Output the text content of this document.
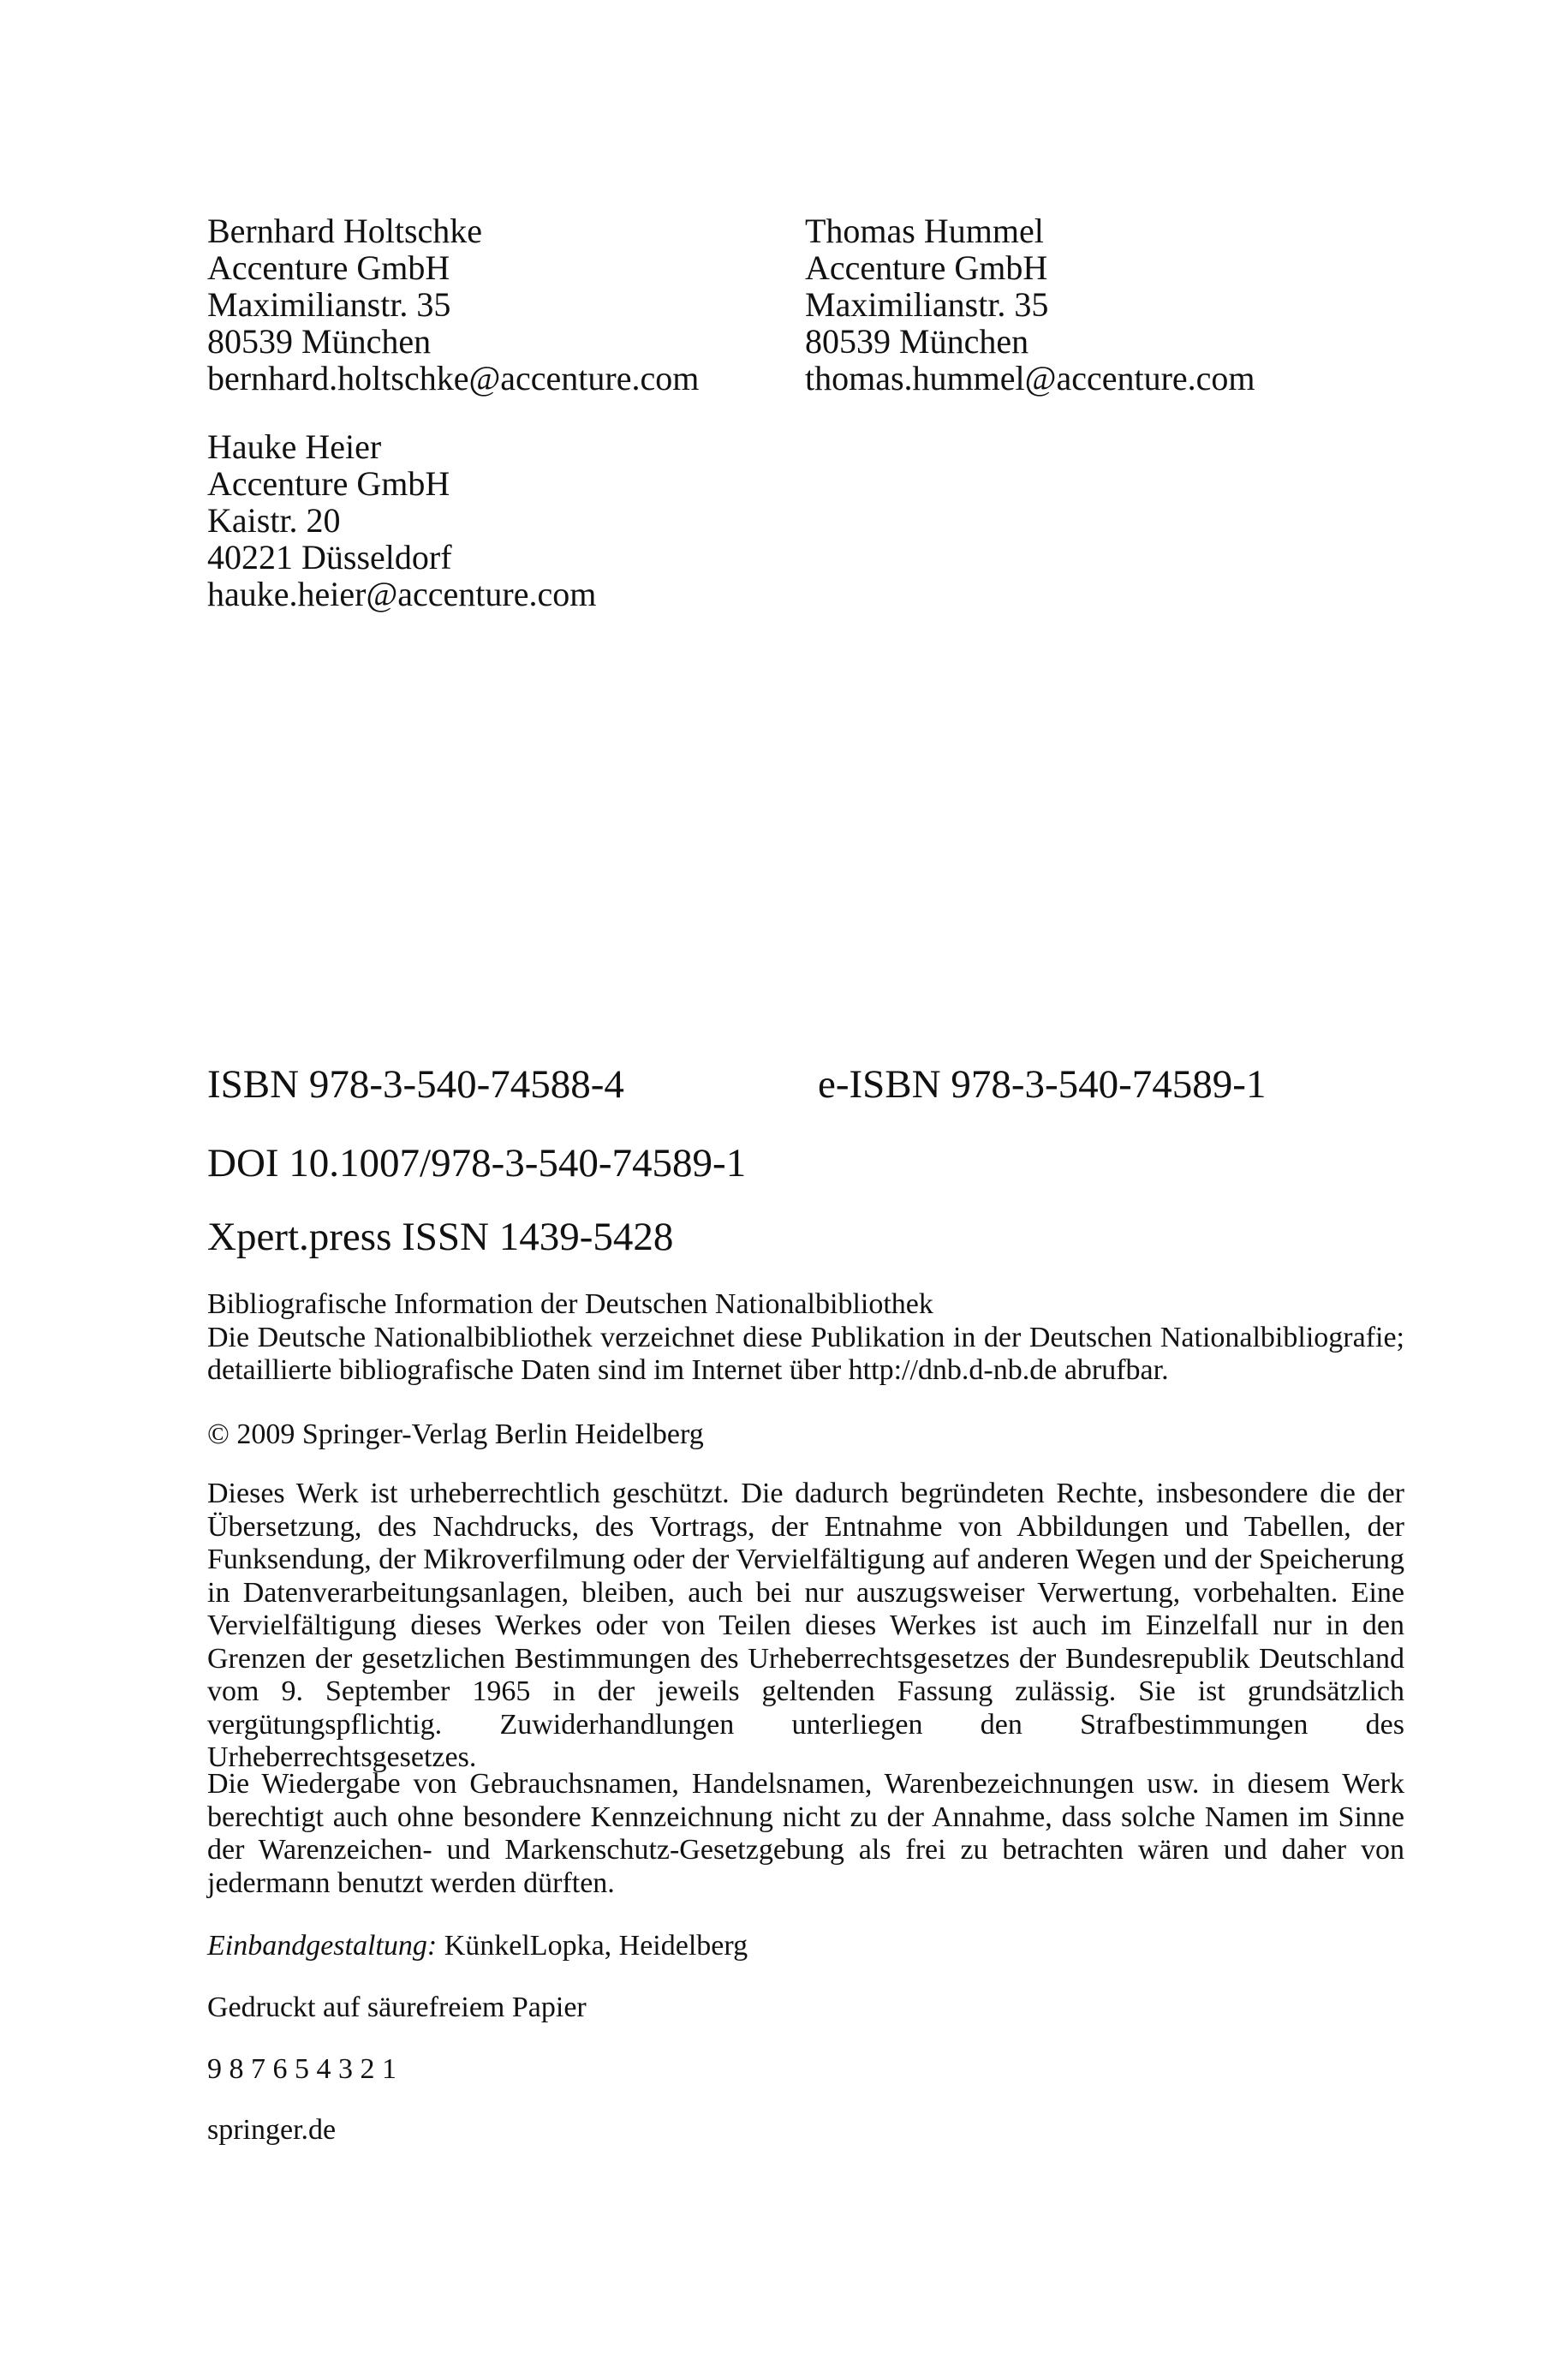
Bernhard Holtschke
Accenture GmbH
Maximilianstr. 35
80539 München
bernhard.holtschke@accenture.com
Thomas Hummel
Accenture GmbH
Maximilianstr. 35
80539 München
thomas.hummel@accenture.com
Hauke Heier
Accenture GmbH
Kaistr. 20
40221 Düsseldorf
hauke.heier@accenture.com
ISBN 978-3-540-74588-4	e-ISBN 978-3-540-74589-1
DOI 10.1007/978-3-540-74589-1
Xpert.press ISSN 1439-5428
Bibliografische Information der Deutschen Nationalbibliothek
Die Deutsche Nationalbibliothek verzeichnet diese Publikation in der Deutschen Nationalbibliografie; detaillierte bibliografische Daten sind im Internet über http://dnb.d-nb.de abrufbar.
© 2009 Springer-Verlag Berlin Heidelberg
Dieses Werk ist urheberrechtlich geschützt. Die dadurch begründeten Rechte, insbesondere die der Übersetzung, des Nachdrucks, des Vortrags, der Entnahme von Abbildungen und Tabellen, der Funksendung, der Mikroverfilmung oder der Vervielfältigung auf anderen Wegen und der Speicherung in Datenverarbeitungsanlagen, bleiben, auch bei nur auszugsweiser Verwertung, vorbehalten. Eine Vervielfältigung dieses Werkes oder von Teilen dieses Werkes ist auch im Einzelfall nur in den Grenzen der gesetzlichen Bestimmungen des Urheberrechtsgesetzes der Bundesrepublik Deutschland vom 9. September 1965 in der jeweils geltenden Fassung zulässig. Sie ist grundsätzlich vergütungspflichtig. Zuwiderhandlungen unterliegen den Strafbestimmungen des Urheberrechtsgesetzes.
Die Wiedergabe von Gebrauchsnamen, Handelsnamen, Warenbezeichnungen usw. in diesem Werk berechtigt auch ohne besondere Kennzeichnung nicht zu der Annahme, dass solche Namen im Sinne der Warenzeichen- und Markenschutz-Gesetzgebung als frei zu betrachten wären und daher von jedermann benutzt werden dürften.
Einbandgestaltung: KünkelLopka, Heidelberg
Gedruckt auf säurefreiem Papier
9 8 7 6 5 4 3 2 1
springer.de
